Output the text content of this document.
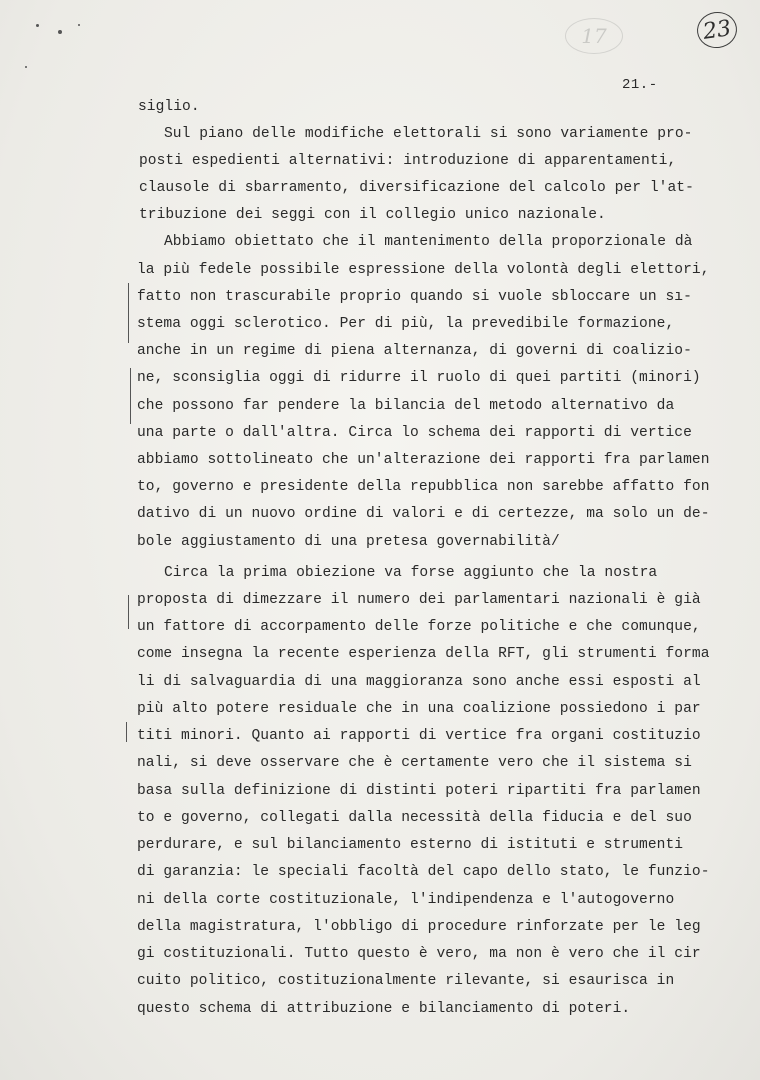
17	23
21.-
siglio.
Sul piano delle modifiche elettorali si sono variamente pro-
posti espedienti alternativi: introduzione di apparentamenti,
clausole di sbarramento, diversificazione del calcolo per l'at-
tribuzione dei seggi con il collegio unico nazionale.
Abbiamo obiettato che il mantenimento della proporzionale dà
la più fedele possibile espressione della volontà degli elettori,
fatto non trascurabile proprio quando si vuole sbloccare un sı-
stema oggi sclerotico. Per di più, la prevedibile formazione,
anche in un regime di piena alternanza, di governi di coalizio-
ne, sconsiglia oggi di ridurre il ruolo di quei partiti (minori)
che possono far pendere la bilancia del metodo alternativo da
una parte o dall'altra. Circa lo schema dei rapporti di vertice
abbiamo sottolineato che un'alterazione dei rapporti fra parlamen
to, governo e presidente della repubblica non sarebbe affatto fon
dativo di un nuovo ordine di valori e di certezze, ma solo un de-
bole aggiustamento di una pretesa governabilità/
Circa la prima obiezione va forse aggiunto che la nostra
proposta di dimezzare il numero dei parlamentari nazionali è già
un fattore di accorpamento delle forze politiche e che comunque,
come insegna la recente esperienza della RFT, gli strumenti forma
li di salvaguardia di una maggioranza sono anche essi esposti al
più alto potere residuale che in una coalizione possiedono i par
titi minori. Quanto ai rapporti di vertice fra organi costituzio
nali, si deve osservare che è certamente vero che il sistema si
basa sulla definizione di distinti poteri ripartiti fra parlamen
to e governo, collegati dalla necessità della fiducia e del suo
perdurare, e sul bilanciamento esterno di istituti e strumenti
di garanzia: le speciali facoltà del capo dello stato, le funzio-
ni della corte costituzionale, l'indipendenza e l'autogoverno
della magistratura, l'obbligo di procedure rinforzate per le leg
gi costituzionali. Tutto questo è vero, ma non è vero che il cir
cuito politico, costituzionalmente rilevante, si esaurisca in
questo schema di attribuzione e bilanciamento di poteri.
